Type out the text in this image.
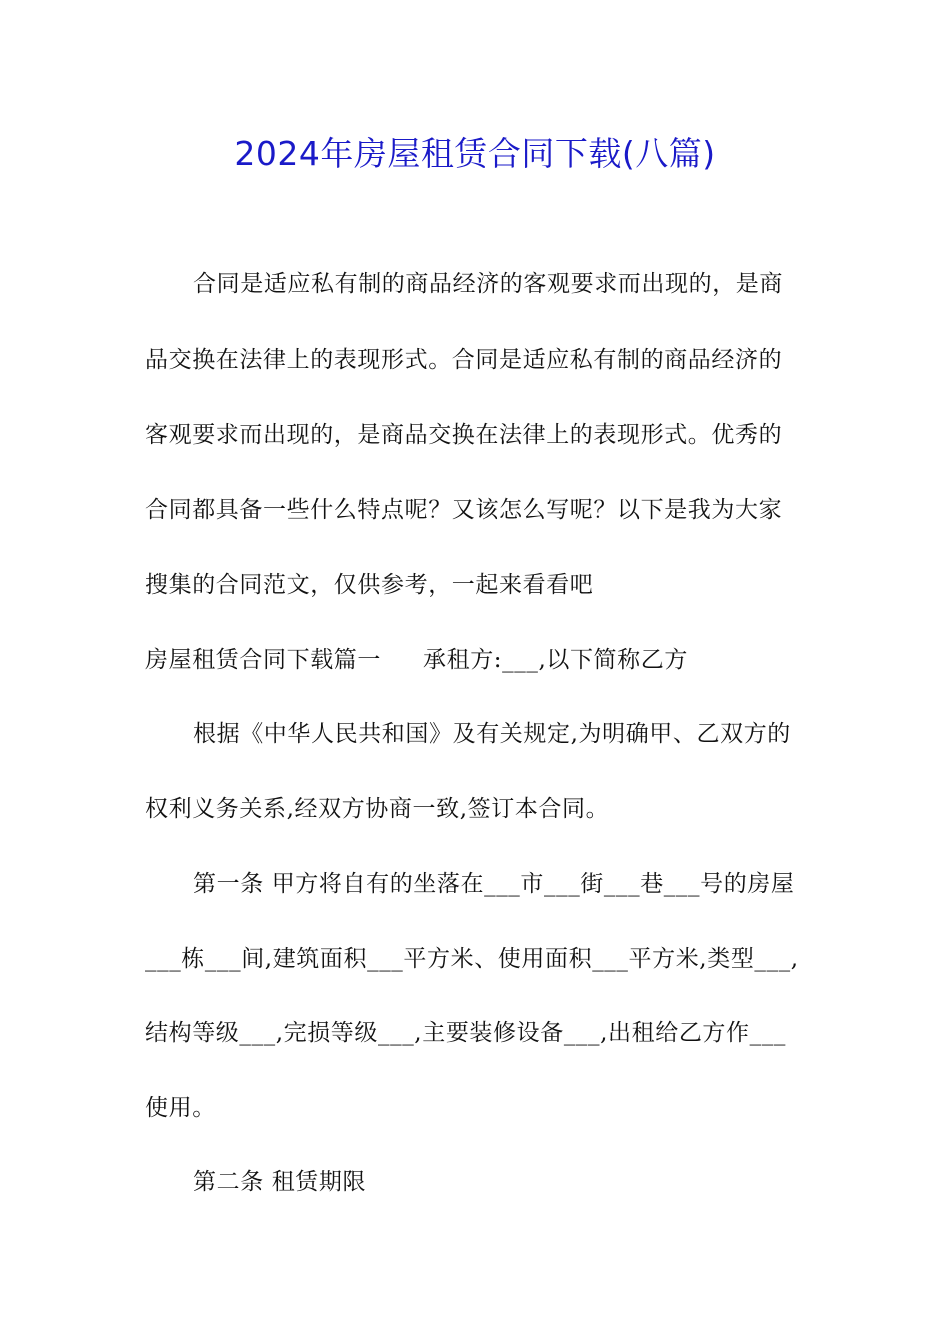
2024年房屋租赁合同下载(八篇)
合同是适应私有制的商品经济的客观要求而出现的，是商
品交换在法律上的表现形式。合同是适应私有制的商品经济的
客观要求而出现的，是商品交换在法律上的表现形式。优秀的
合同都具备一些什么特点呢？又该怎么写呢？以下是我为大家
搜集的合同范文，仅供参考，一起来看看吧
房屋租赁合同下载篇一 承租方:___,以下简称乙方
根据《中华人民共和国》及有关规定,为明确甲、乙双方的
权利义务关系,经双方协商一致,签订本合同。
第一条 甲方将自有的坐落在___市___街___巷___号的房屋
___栋___间,建筑面积___平方米、使用面积___平方米,类型___,
结构等级___,完损等级___,主要装修设备___,出租给乙方作___
使用。
第二条 租赁期限
